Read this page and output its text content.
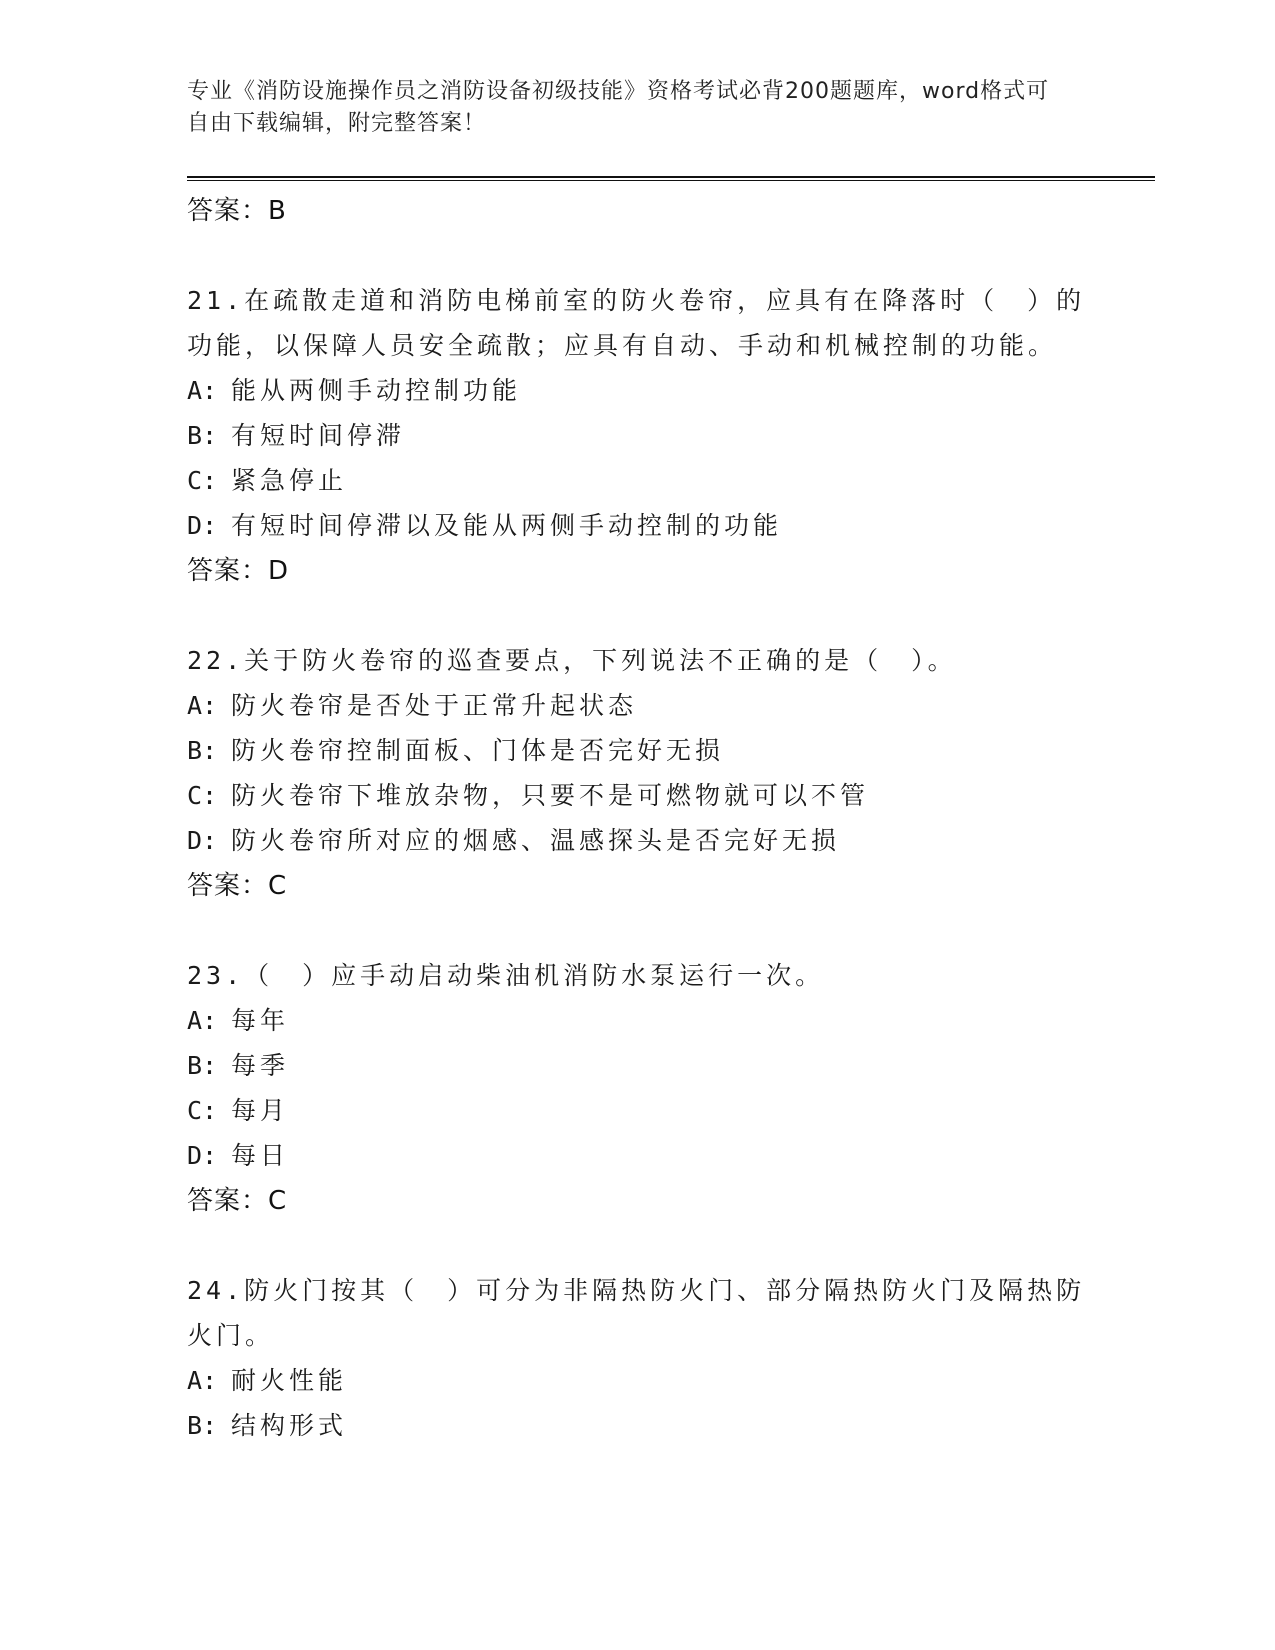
专业《消防设施操作员之消防设备初级技能》资格考试必背200题题库，word格式可自由下载编辑，附完整答案！
答案：B
21.在疏散走道和消防电梯前室的防火卷帘，应具有在降落时（　）的功能，以保障人员安全疏散；应具有自动、手动和机械控制的功能。
A: 能从两侧手动控制功能
B: 有短时间停滞
C: 紧急停止
D: 有短时间停滞以及能从两侧手动控制的功能
答案：D
22.关于防火卷帘的巡查要点，下列说法不正确的是（　）。
A: 防火卷帘是否处于正常升起状态
B: 防火卷帘控制面板、门体是否完好无损
C: 防火卷帘下堆放杂物，只要不是可燃物就可以不管
D: 防火卷帘所对应的烟感、温感探头是否完好无损
答案：C
23.（　）应手动启动柴油机消防水泵运行一次。
A: 每年
B: 每季
C: 每月
D: 每日
答案：C
24.防火门按其（　）可分为非隔热防火门、部分隔热防火门及隔热防火门。
A: 耐火性能
B: 结构形式
